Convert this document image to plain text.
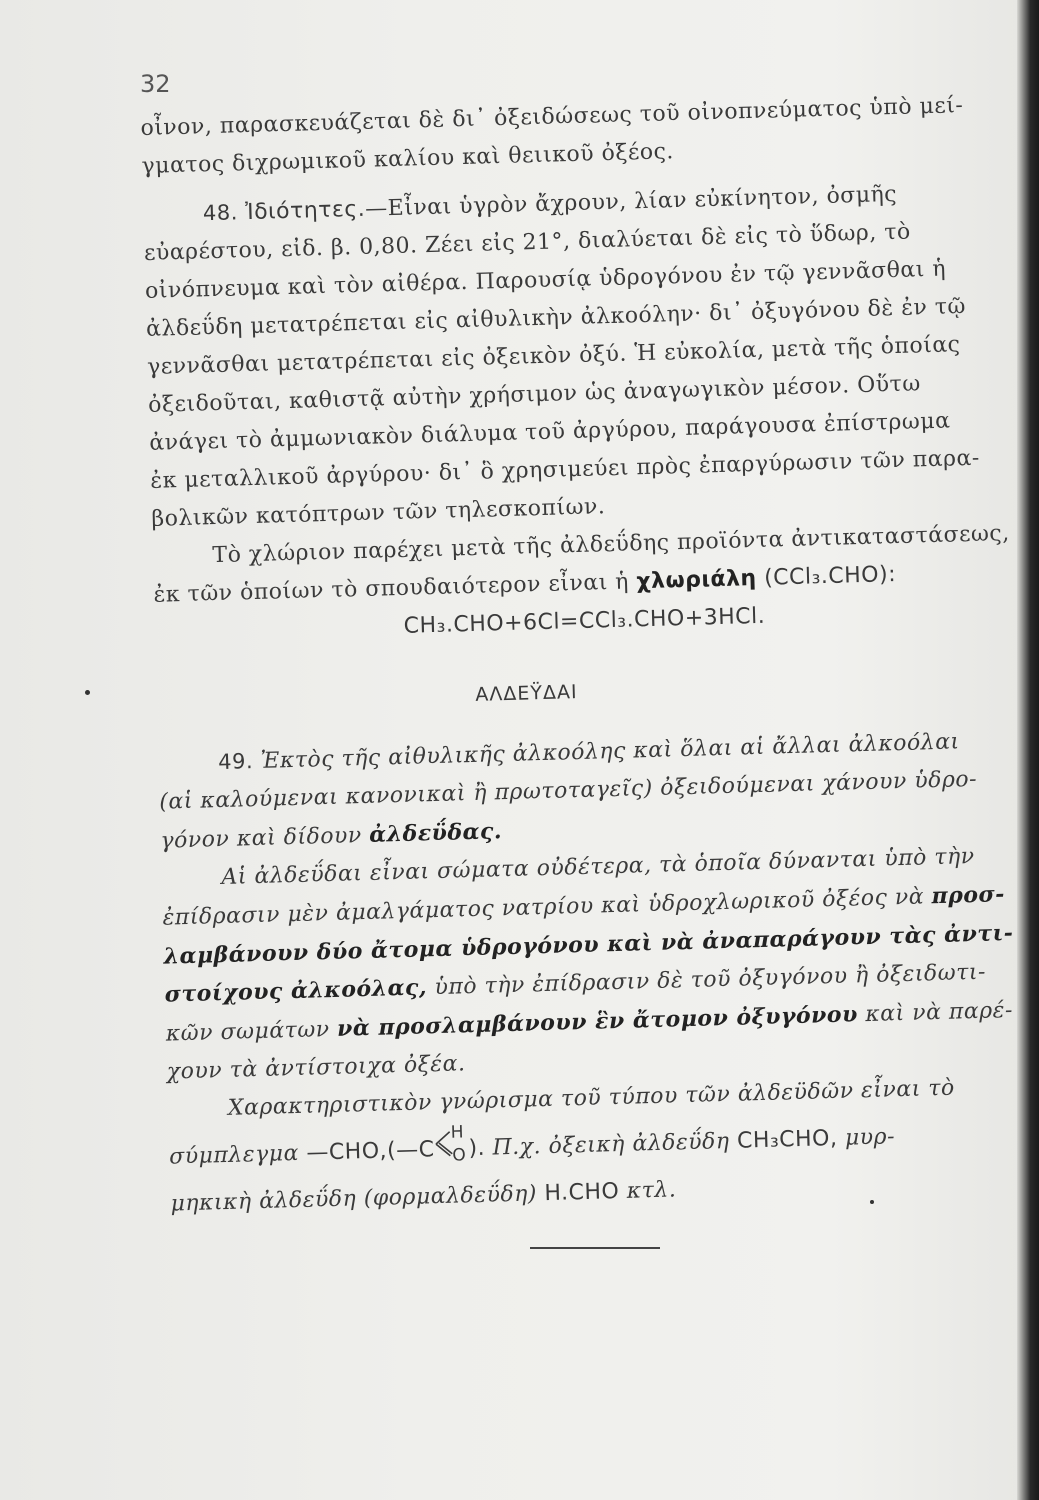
32
οἶνον, παρασκευάζεται δὲ δι᾿ ὀξειδώσεως τοῦ οἰνοπνεύματος ὑπὸ μεί-
γματος διχρωμικοῦ καλίου καὶ θειικοῦ ὀξέος.
48. Ἰδιότητες.—Εἶναι ὑγρὸν ἄχρουν, λίαν εὐκίνητον, ὀσμῆς
εὐαρέστου, εἰδ. β. 0,80. Ζέει εἰς 21°, διαλύεται δὲ εἰς τὸ ὕδωρ, τὸ
οἰνόπνευμα καὶ τὸν αἰθέρα. Παρουσίᾳ ὑδρογόνου ἐν τῷ γεννᾶσθαι ἡ
ἀλδεΰδη μετατρέπεται εἰς αἰθυλικὴν ἀλκοόλην· δι᾿ ὀξυγόνου δὲ ἐν τῷ
γεννᾶσθαι μετατρέπεται εἰς ὀξεικὸν ὀξύ. Ἡ εὐκολία, μετὰ τῆς ὁποίας
ὀξειδοῦται, καθιστᾷ αὐτὴν χρήσιμον ὡς ἀναγωγικὸν μέσον. Οὕτω
ἀνάγει τὸ ἀμμωνιακὸν διάλυμα τοῦ ἀργύρου, παράγουσα ἐπίστρωμα
ἐκ μεταλλικοῦ ἀργύρου· δι᾿ ὃ χρησιμεύει πρὸς ἐπαργύρωσιν τῶν παρα-
βολικῶν κατόπτρων τῶν τηλεσκοπίων.
Τὸ χλώριον παρέχει μετὰ τῆς ἀλδεΰδης προϊόντα ἀντικαταστάσεως,
ἐκ τῶν ὁποίων τὸ σπουδαιότερον εἶναι ἡ χλωριάλη (CCl₃.CHO):
CH₃.CHO+6Cl=CCl₃.CHO+3HCl.
ΑΛΔΕΫΔΑΙ
49. Ἐκτὸς τῆς αἰθυλικῆς ἀλκοόλης καὶ ὅλαι αἱ ἄλλαι ἀλκοόλαι
(αἱ καλούμεναι κανονικαὶ ἢ πρωτοταγεῖς) ὀξειδούμεναι χάνουν ὑδρο-
γόνον καὶ δίδουν ἀλδεΰδας.
Αἱ ἀλδεΰδαι εἶναι σώματα οὐδέτερα, τὰ ὁποῖα δύνανται ὑπὸ τὴν
ἐπίδρασιν μὲν ἀμαλγάματος νατρίου καὶ ὑδροχλωρικοῦ ὀξέος νὰ προσ-
λαμβάνουν δύο ἄτομα ὑδρογόνου καὶ νὰ ἀναπαράγουν τὰς ἀντι-
στοίχους ἀλκοόλας, ὑπὸ τὴν ἐπίδρασιν δὲ τοῦ ὀξυγόνου ἢ ὀξειδωτι-
κῶν σωμάτων νὰ προσλαμβάνουν ἓν ἄτομον ὀξυγόνου καὶ νὰ παρέ-
χουν τὰ ἀντίστοιχα ὀξέα.
Χαρακτηριστικὸν γνώρισμα τοῦ τύπου τῶν ἀλδεϋδῶν εἶναι τὸ
σύμπλεγμα —CHO,(—C
H
O ). Π.χ. ὀξεικὴ ἀλδεΰδη CH₃CHO, μυρ-
μηκικὴ ἀλδεΰδη (φορμαλδεΰδη) H.CHO κτλ.
